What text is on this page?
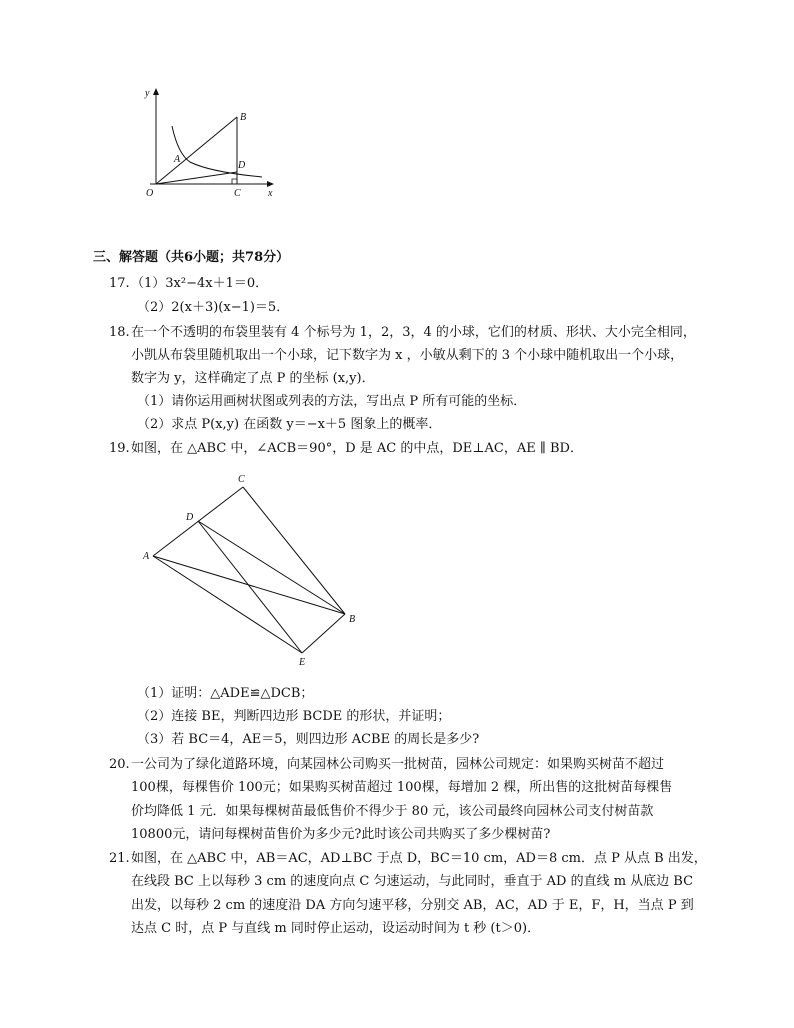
y
x
O
A
B
C
D
三、解答题（共6小题；共78分）
17. （1）3x²−4x＋1＝0．
（2）2(x＋3)(x−1)＝5．
18. 在一个不透明的布袋里装有 4 个标号为 1，2，3，4 的小球，它们的材质、形状、大小完全相同，
小凯从布袋里随机取出一个小球，记下数字为 x ，小敏从剩下的 3 个小球中随机取出一个小球，
数字为 y，这样确定了点 P 的坐标 (x,y)．
（1）请你运用画树状图或列表的方法，写出点 P 所有可能的坐标．
（2）求点 P(x,y) 在函数 y＝−x＋5 图象上的概率．
19. 如图，在 △ABC 中，∠ACB＝90°，D 是 AC 的中点，DE⊥AC，AE ∥ BD．
A
C
D
B
E
（1）证明：△ADE≌△DCB；
（2）连接 BE，判断四边形 BCDE 的形状，并证明；
（3）若 BC＝4，AE＝5，则四边形 ACBE 的周长是多少?
20. 一公司为了绿化道路环境，向某园林公司购买一批树苗，园林公司规定：如果购买树苗不超过
100棵，每棵售价 100元；如果购买树苗超过 100棵，每增加 2 棵，所出售的这批树苗每棵售
价均降低 1 元．如果每棵树苗最低售价不得少于 80 元，该公司最终向园林公司支付树苗款
10800元，请问每棵树苗售价为多少元?此时该公司共购买了多少棵树苗?
21. 如图，在 △ABC 中，AB＝AC，AD⊥BC 于点 D，BC＝10 cm，AD＝8 cm．点 P 从点 B 出发，
在线段 BC 上以每秒 3 cm 的速度向点 C 匀速运动，与此同时，垂直于 AD 的直线 m 从底边 BC
出发，以每秒 2 cm 的速度沿 DA 方向匀速平移，分别交 AB，AC，AD 于 E，F，H，当点 P 到
达点 C 时，点 P 与直线 m 同时停止运动，设运动时间为 t 秒 (t＞0)．
